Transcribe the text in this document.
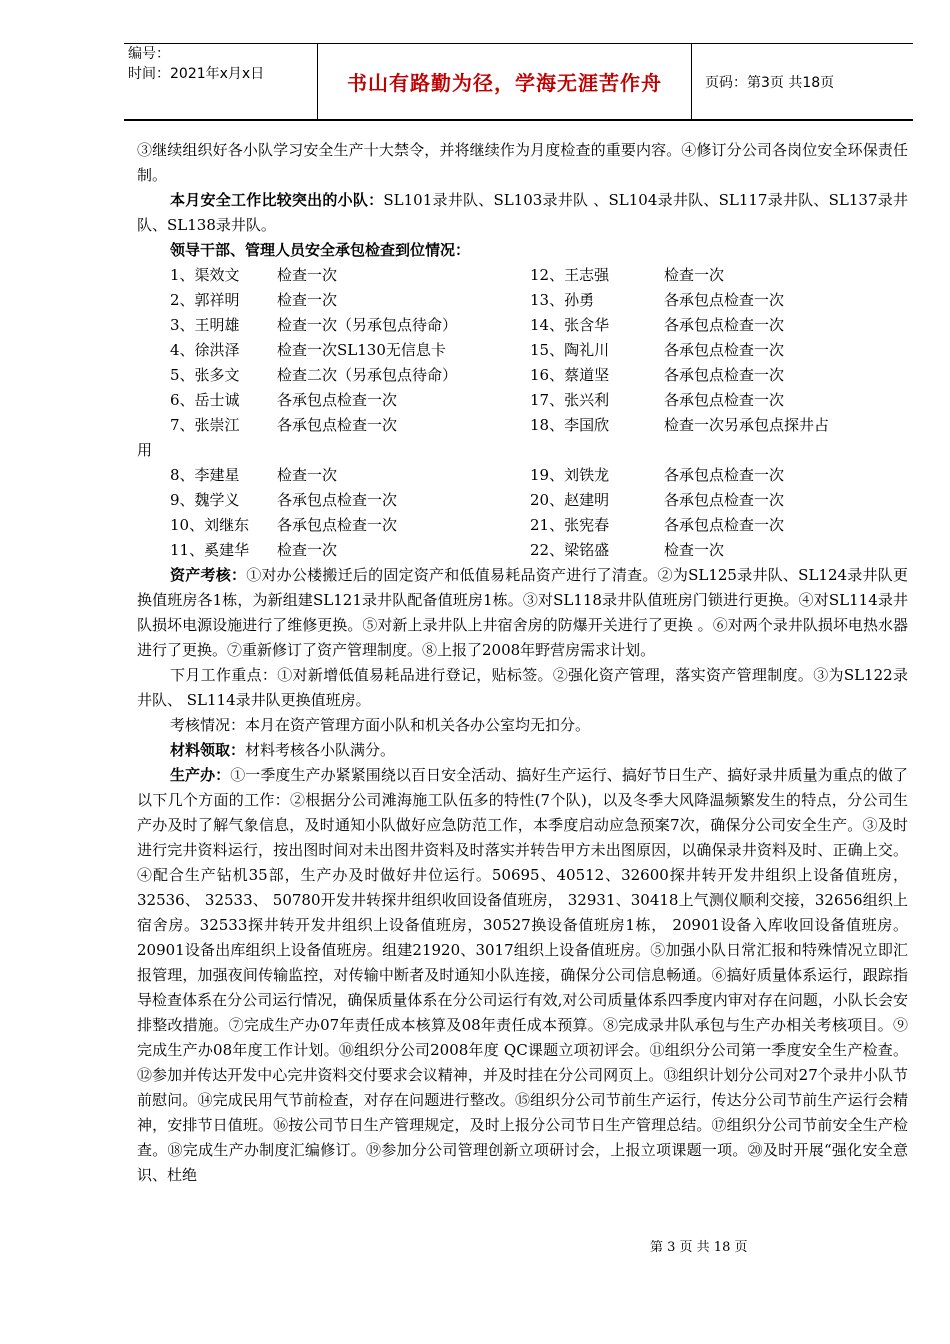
编号：
时间：2021年x月x日	书山有路勤为径，学海无涯苦作舟	页码：第3页 共18页

③继续组织好各小队学习安全生产十大禁令，并将继续作为月度检查的重要内容。④修订分公司各岗位安全环保责任制。

本月安全工作比较突出的小队：SL101录井队、SL103录井队 、SL104录井队、SL117录井队、SL137录井队、SL138录井队。

领导干部、管理人员安全承包检查到位情况：

1、渠效文	检查一次	12、王志强	检查一次
2、郭祥明	检查一次	13、孙勇	各承包点检查一次
3、王明雄	检查一次（另承包点待命）	14、张含华	各承包点检查一次
4、徐洪泽	检查一次SL130无信息卡	15、陶礼川	各承包点检查一次
5、张多文	检查二次（另承包点待命）	16、蔡道坚	各承包点检查一次
6、岳士诚	各承包点检查一次	17、张兴利	各承包点检查一次
7、张崇江	各承包点检查一次	18、李国欣	检查一次另承包点探井占
用
8、李建星	检查一次	19、刘铁龙	各承包点检查一次
9、魏学义	各承包点检查一次	20、赵建明	各承包点检查一次
10、刘继东	各承包点检查一次	21、张宪春	各承包点检查一次
11、奚建华	检查一次	22、梁铭盛	检查一次

资产考核：①对办公楼搬迁后的固定资产和低值易耗品资产进行了清查。②为SL125录井队、SL124录井队更换值班房各1栋，为新组建SL121录井队配备值班房1栋。③对SL118录井队值班房门锁进行更换。④对SL114录井队损坏电源设施进行了维修更换。⑤对新上录井队上井宿舍房的防爆开关进行了更换 。⑥对两个录井队损坏电热水器进行了更换。⑦重新修订了资产管理制度。⑧上报了2008年野营房需求计划。

下月工作重点：①对新增低值易耗品进行登记，贴标签。②强化资产管理，落实资产管理制度。③为SL122录井队、 SL114录井队更换值班房。

考核情况：本月在资产管理方面小队和机关各办公室均无扣分。

材料领取：材料考核各小队满分。

生产办：①一季度生产办紧紧围绕以百日安全活动、搞好生产运行、搞好节日生产、搞好录井质量为重点的做了以下几个方面的工作：②根据分公司滩海施工队伍多的特性(7个队)，以及冬季大风降温频繁发生的特点，分公司生产办及时了解气象信息，及时通知小队做好应急防范工作，本季度启动应急预案7次，确保分公司安全生产。③及时进行完井资料运行，按出图时间对未出图井资料及时落实并转告甲方未出图原因，以确保录井资料及时、正确上交。④配合生产钻机35部，生产办及时做好井位运行。50695、40512、32600探井转开发井组织上设备值班房，32536、 32533、 50780开发井转探井组织收回设备值班房， 32931、30418上气测仪顺利交接，32656组织上宿舍房。32533探井转开发井组织上设备值班房，30527换设备值班房1栋， 20901设备入库收回设备值班房。 20901设备出库组织上设备值班房。组建21920、3017组织上设备值班房。⑤加强小队日常汇报和特殊情况立即汇报管理，加强夜间传输监控，对传输中断者及时通知小队连接，确保分公司信息畅通。⑥搞好质量体系运行，跟踪指导检查体系在分公司运行情况，确保质量体系在分公司运行有效,对公司质量体系四季度内审对存在问题，小队长会安排整改措施。⑦完成生产办07年责任成本核算及08年责任成本预算。⑧完成录井队承包与生产办相关考核项目。⑨完成生产办08年度工作计划。⑩组织分公司2008年度 QC课题立项初评会。⑪组织分公司第一季度安全生产检查。⑫参加并传达开发中心完井资料交付要求会议精神，并及时挂在分公司网页上。⑬组织计划分公司对27个录井小队节前慰问。⑭完成民用气节前检查，对存在问题进行整改。⑮组织分公司节前生产运行，传达分公司节前生产运行会精神，安排节日值班。⑯按公司节日生产管理规定，及时上报分公司节日生产管理总结。⑰组织分公司节前安全生产检查。⑱完成生产办制度汇编修订。⑲参加分公司管理创新立项研讨会，上报立项课题一项。⑳及时开展“强化安全意识、杜绝

第 3 页 共 18 页
